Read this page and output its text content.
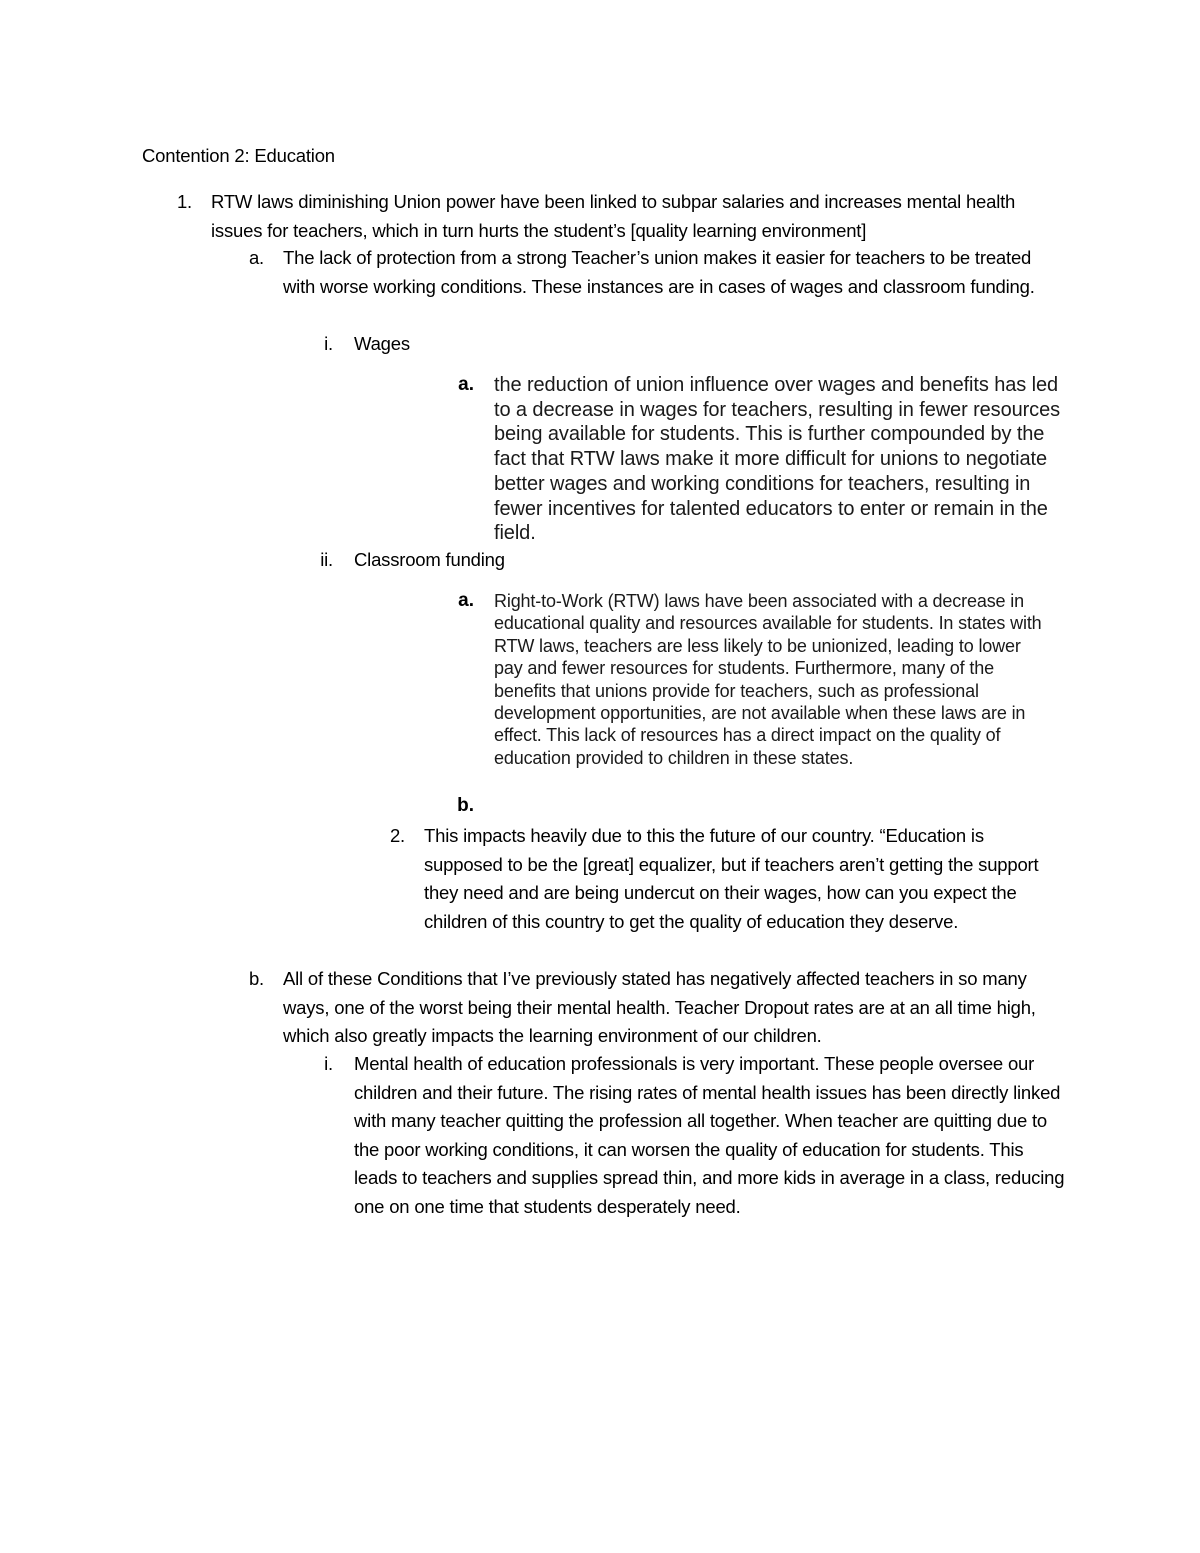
Contention 2: Education
1. RTW laws diminishing Union power have been linked to subpar salaries and increases mental health issues for teachers, which in turn hurts the student’s [quality learning environment]
a. The lack of protection from a strong Teacher’s union makes it easier for teachers to be treated with worse working conditions. These instances are in cases of wages and classroom funding.
i. Wages
a. the reduction of union influence over wages and benefits has led to a decrease in wages for teachers, resulting in fewer resources being available for students. This is further compounded by the fact that RTW laws make it more difficult for unions to negotiate better wages and working conditions for teachers, resulting in fewer incentives for talented educators to enter or remain in the field.
ii. Classroom funding
a. Right-to-Work (RTW) laws have been associated with a decrease in educational quality and resources available for students. In states with RTW laws, teachers are less likely to be unionized, leading to lower pay and fewer resources for students. Furthermore, many of the benefits that unions provide for teachers, such as professional development opportunities, are not available when these laws are in effect. This lack of resources has a direct impact on the quality of education provided to children in these states.
b.
2. This impacts heavily due to this the future of our country. “Education is supposed to be the [great] equalizer, but if teachers aren’t getting the support they need and are being undercut on their wages, how can you expect the children of this country to get the quality of education they deserve.
b. All of these Conditions that I’ve previously stated has negatively affected teachers in so many ways, one of the worst being their mental health. Teacher Dropout rates are at an all time high, which also greatly impacts the learning environment of our children.
i. Mental health of education professionals is very important. These people oversee our children and their future. The rising rates of mental health issues has been directly linked with many teacher quitting the profession all together. When teacher are quitting due to the poor working conditions, it can worsen the quality of education for students. This leads to teachers and supplies spread thin, and more kids in average in a class, reducing one on one time that students desperately need.
